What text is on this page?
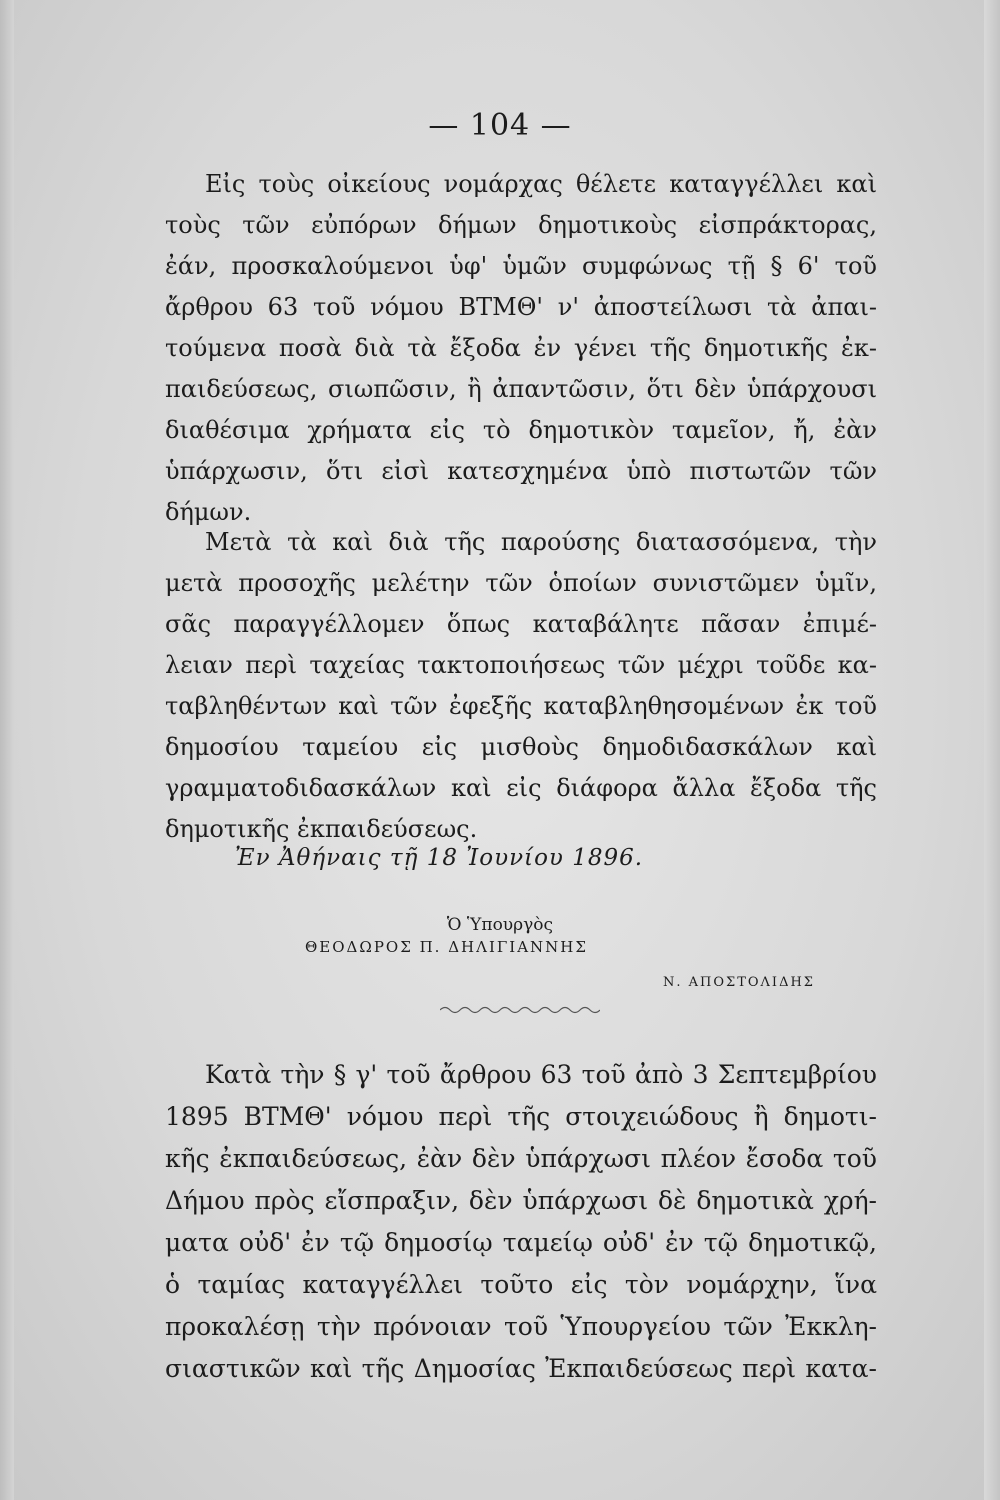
— 104 —
Εἰς τοὺς οἰκείους νομάρχας θέλετε καταγγέλλει καὶ
τοὺς τῶν εὐπόρων δήμων δημοτικοὺς εἰσπράκτορας,
ἐάν, προσκαλούμενοι ὑφ' ὑμῶν συμφώνως τῇ § 6' τοῦ
ἄρθρου 63 τοῦ νόμου ΒΤΜΘ' ν' ἀποστείλωσι τὰ ἀπαι-
τούμενα ποσὰ διὰ τὰ ἔξοδα ἐν γένει τῆς δημοτικῆς ἐκ-
παιδεύσεως, σιωπῶσιν, ἢ ἀπαντῶσιν, ὅτι δὲν ὑπάρχουσι
διαθέσιμα χρήματα εἰς τὸ δημοτικὸν ταμεῖον, ἤ, ἐὰν
ὑπάρχωσιν, ὅτι εἰσὶ κατεσχημένα ὑπὸ πιστωτῶν τῶν
δήμων.
Μετὰ τὰ καὶ διὰ τῆς παρούσης διατασσόμενα, τὴν
μετὰ προσοχῆς μελέτην τῶν ὁποίων συνιστῶμεν ὑμῖν,
σᾶς παραγγέλλομεν ὅπως καταβάλητε πᾶσαν ἐπιμέ-
λειαν περὶ ταχείας τακτοποιήσεως τῶν μέχρι τοῦδε κα-
ταβληθέντων καὶ τῶν ἐφεξῆς καταβληθησομένων ἐκ τοῦ
δημοσίου ταμείου εἰς μισθοὺς δημοδιδασκάλων καὶ
γραμματοδιδασκάλων καὶ εἰς διάφορα ἄλλα ἔξοδα τῆς
δημοτικῆς ἐκπαιδεύσεως.
Ἐν Ἀθήναις τῇ 18 Ἰουνίου 1896.
Ὁ Ὑπουργὸς
ΘΕΟΔΩΡΟΣ Π. ΔΗΛΙΓΙΑΝΝΗΣ
Ν. ΑΠΟΣΤΟΛΙΔΗΣ
Κατὰ τὴν § γ' τοῦ ἄρθρου 63 τοῦ ἀπὸ 3 Σεπτεμβρίου
1895 ΒΤΜΘ' νόμου περὶ τῆς στοιχειώδους ἢ δημοτι-
κῆς ἐκπαιδεύσεως, ἐὰν δὲν ὑπάρχωσι πλέον ἔσοδα τοῦ
Δήμου πρὸς εἴσπραξιν, δὲν ὑπάρχωσι δὲ δημοτικὰ χρή-
ματα οὐδ' ἐν τῷ δημοσίῳ ταμείῳ οὐδ' ἐν τῷ δημοτικῷ,
ὁ ταμίας καταγγέλλει τοῦτο εἰς τὸν νομάρχην, ἵνα
προκαλέσῃ τὴν πρόνοιαν τοῦ Ὑπουργείου τῶν Ἐκκλη-
σιαστικῶν καὶ τῆς Δημοσίας Ἐκπαιδεύσεως περὶ κατα-
